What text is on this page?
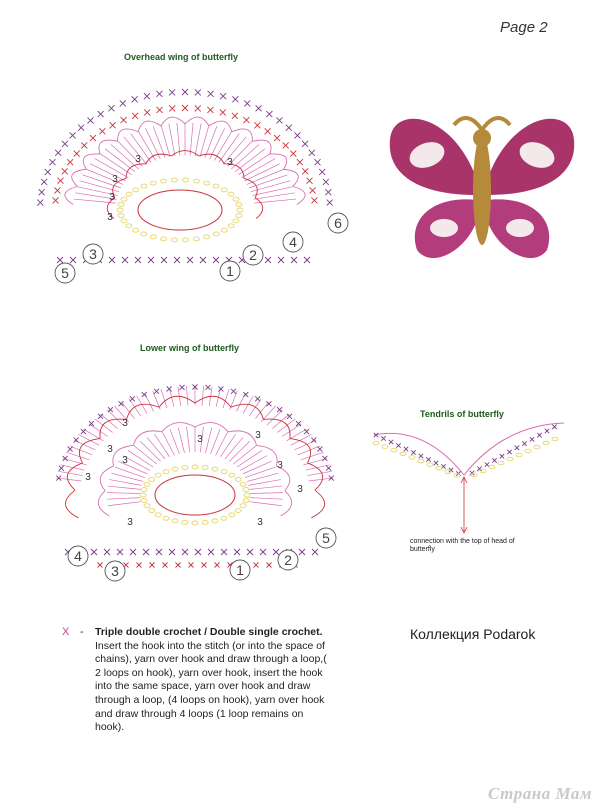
Page 2
Overhead wing of butterfly
3
3
3	3
3
1
2
3
4
5
6
Lower wing of butterfly
3
3
3
3
3
3
3
3	3
3
1
2
3
4
5
Tendrils of butterfly
connection with the top of head of butterfly
X - Triple double crochet / Double single crochet. Insert the hook into the stitch (or into the space of chains), yarn over hook and draw through a loop,( 2 loops on hook), yarn over hook, insert the hook into the same space, yarn over hook and draw through a loop, (4 loops on hook), yarn over hook and draw through 4 loops (1 loop remains on hook).
Коллекция Podarok
Страна Мам
